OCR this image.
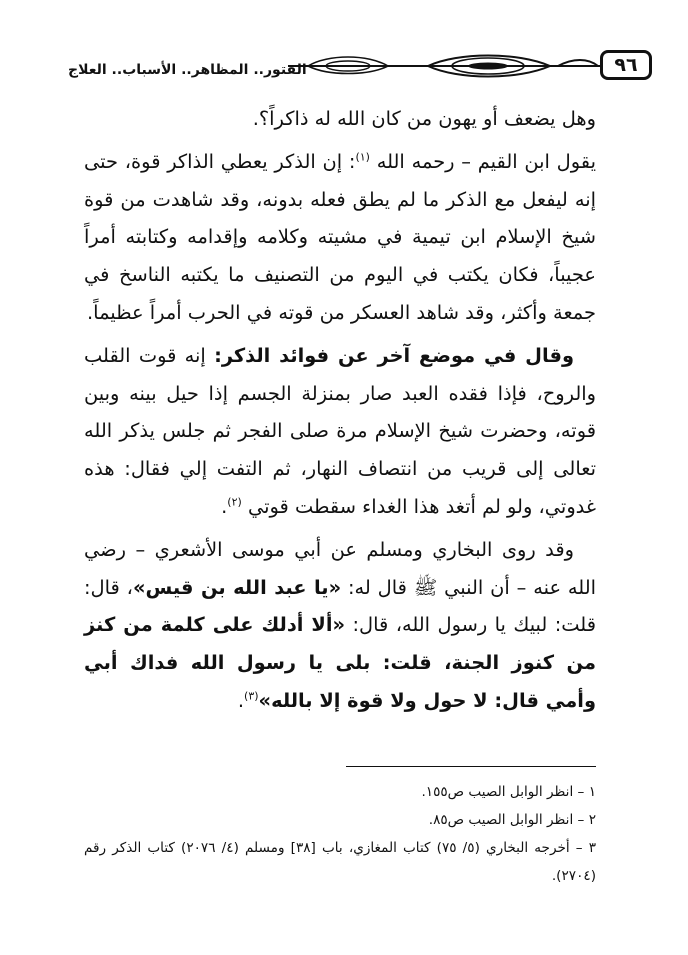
٩٦
الفتور.. المظاهر.. الأسباب.. العلاج

وهل يضعف أو يهون من كان الله له ذاكراً؟.

يقول ابن القيم – رحمه الله $^{(١)}$: إن الذكر يعطي الذاكر قوة، حتى إنه ليفعل مع الذكر ما لم يطق فعله بدونه، وقد شاهدت من قوة شيخ الإسلام ابن تيمية في مشيته وكلامه وإقدامه وكتابته أمراً عجيباً، فكان يكتب في اليوم من التصنيف ما يكتبه الناسخ في جمعة وأكثر، وقد شاهد العسكر من قوته في الحرب أمراً عظيماً.

وقال في موضع آخر عن فوائد الذكر: إنه قوت القلب والروح، فإذا فقده العبد صار بمنزلة الجسم إذا حيل بينه وبين قوته، وحضرت شيخ الإسلام مرة صلى الفجر ثم جلس يذكر الله تعالى إلى قريب من انتصاف النهار، ثم التفت إلي فقال: هذه غدوتي، ولو لم أتغد هذا الغداء سقطت قوتي $^{(٢)}$.

وقد روى البخاري ومسلم عن أبي موسى الأشعري – رضي الله عنه – أن النبي ﷺ قال له: «يا عبد الله بن قيس»، قال: قلت: لبيك يا رسول الله، قال: «ألا أدلك على كلمة من كنز من كنوز الجنة، قلت: بلى يا رسول الله فداك أبي وأمي قال: لا حول ولا قوة إلا بالله»$^{(٣)}$.

١ – انظر الوابل الصيب ص١٥٥.

٢ – انظر الوابل الصيب ص٨٥.

٣ – أخرجه البخاري (٥/ ٧٥) كتاب المغازي، باب [٣٨] ومسلم (٤/ ٢٠٧٦) كتاب الذكر رقم (٢٧٠٤).
